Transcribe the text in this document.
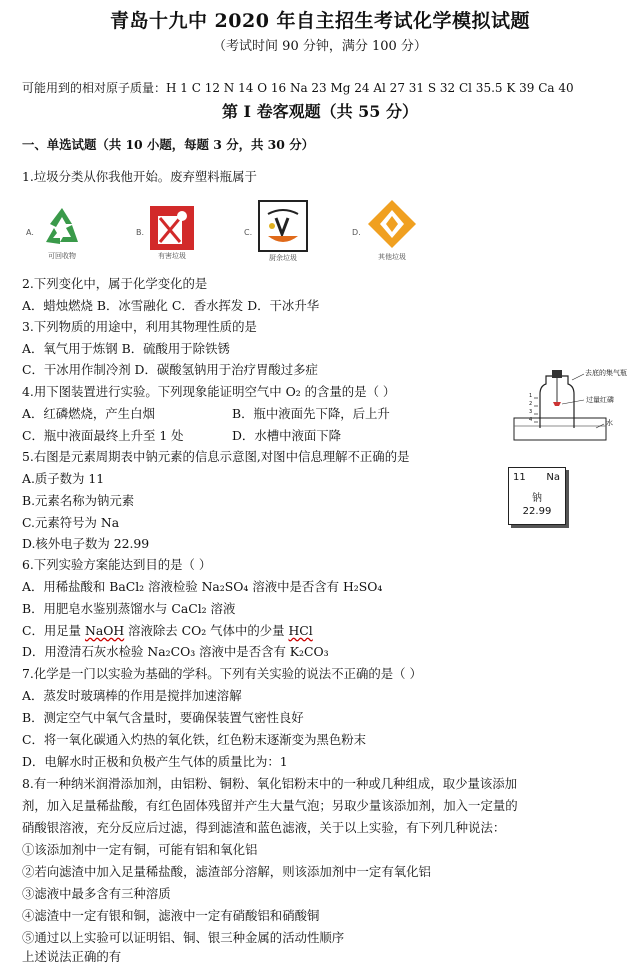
青岛十九中 2020 年自主招生考试化学模拟试题
（考试时间 90 分钟，满分 100 分）
可能用到的相对原子质量：H 1 C 12 N 14 O 16 Na 23 Mg 24 Al 27 31 S 32 Cl 35.5 K 39 Ca 40
第 I 卷客观题（共 55 分）
一、单选试题（共 10 小题，每题 3 分，共 30 分）
1.垃圾分类从你我他开始。废弃塑料瓶属于
A.
可回收物
B.
有害垃圾
C.
厨余垃圾
D.
其他垃圾
2.下列变化中，属于化学变化的是
A．蜡烛燃烧 B．冰雪融化 C．香水挥发 D．干冰升华
3.下列物质的用途中，利用其物理性质的是
A．氧气用于炼钢 B．硫酸用于除铁锈
C．干冰用作制冷剂 D．碳酸氢钠用于治疗胃酸过多症
4.用下图装置进行实验。下列现象能证明空气中 O₂ 的含量的是（ ）
A．红磷燃烧，产生白烟	B．瓶中液面先下降，后上升
C．瓶中液面最终上升至 1 处	D．水槽中液面下降
去底的集气瓶
过量红磷
水
1
2
3
4
5.右图是元素周期表中钠元素的信息示意图,对图中信息理解不正确的是
A.质子数为 11
B.元素名称为钠元素
C.元素符号为 Na
D.核外电子数为 22.99
11 Na
钠
22.99
6.下列实验方案能达到目的是（ ）
A．用稀盐酸和 BaCl₂ 溶液检验 Na₂SO₄ 溶液中是否含有 H₂SO₄
B．用肥皂水鉴别蒸馏水与 CaCl₂ 溶液
C．用足量 NaOH 溶液除去 CO₂ 气体中的少量 HCl
D．用澄清石灰水检验 Na₂CO₃ 溶液中是否含有 K₂CO₃
7.化学是一门以实验为基础的学科。下列有关实验的说法不正确的是（ ）
A．蒸发时玻璃棒的作用是搅拌加速溶解
B．测定空气中氧气含量时，要确保装置气密性良好
C．将一氧化碳通入灼热的氧化铁，红色粉末逐渐变为黑色粉末
D．电解水时正极和负极产生气体的质量比为：1
8.有一种纳米润滑添加剂，由铝粉、铜粉、氧化铝粉末中的一种或几种组成，取少量该添加
剂，加入足量稀盐酸，有红色固体残留并产生大量气泡；另取少量该添加剂，加入一定量的
硝酸银溶液，充分反应后过滤，得到滤渣和蓝色滤液，关于以上实验，有下列几种说法：
①该添加剂中一定有铜，可能有铝和氧化铝
②若向滤渣中加入足量稀盐酸，滤渣部分溶解，则该添加剂中一定有氧化铝
③滤液中最多含有三种溶质
④滤渣中一定有银和铜，滤液中一定有硝酸铝和硝酸铜
⑤通过以上实验可以证明铝、铜、银三种金属的活动性顺序
上述说法正确的有
